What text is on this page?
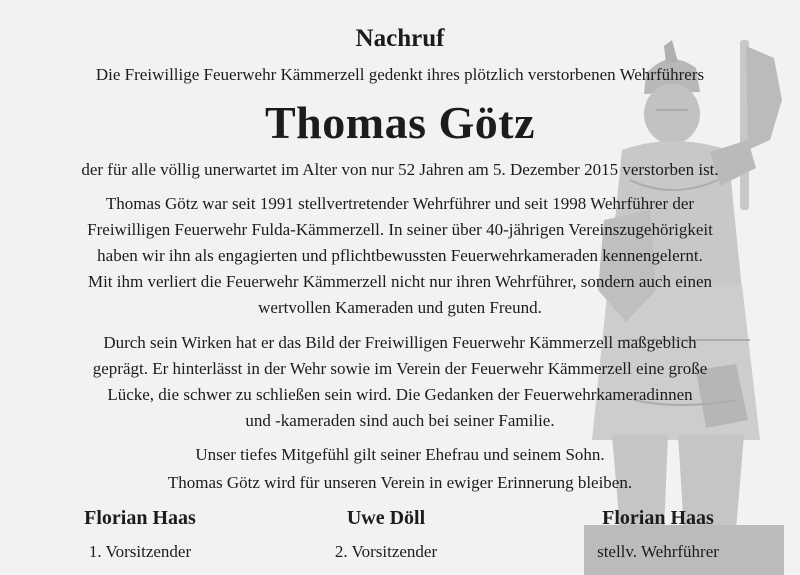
Nachruf
Die Freiwillige Feuerwehr Kämmerzell gedenkt ihres plötzlich verstorbenen Wehrführers
Thomas Götz
der für alle völlig unerwartet im Alter von nur 52 Jahren am 5. Dezember 2015 verstorben ist.
Thomas Götz war seit 1991 stellvertretender Wehrführer und seit 1998 Wehrführer der
Freiwilligen Feuerwehr Fulda-Kämmerzell. In seiner über 40-jährigen Vereinszugehörigkeit
haben wir ihn als engagierten und pflichtbewussten Feuerwehrkameraden kennengelernt.
Mit ihm verliert die Feuerwehr Kämmerzell nicht nur ihren Wehrführer, sondern auch einen
wertvollen Kameraden und guten Freund.
Durch sein Wirken hat er das Bild der Freiwilligen Feuerwehr Kämmerzell maßgeblich
geprägt. Er hinterlässt in der Wehr sowie im Verein der Feuerwehr Kämmerzell eine große
Lücke, die schwer zu schließen sein wird. Die Gedanken der Feuerwehrkameradinnen
und -kameraden sind auch bei seiner Familie.
Unser tiefes Mitgefühl gilt seiner Ehefrau und seinem Sohn.
Thomas Götz wird für unseren Verein in ewiger Erinnerung bleiben.
Florian Haas
1. Vorsitzender
Uwe Döll
2. Vorsitzender
Florian Haas
stellv. Wehrführer
